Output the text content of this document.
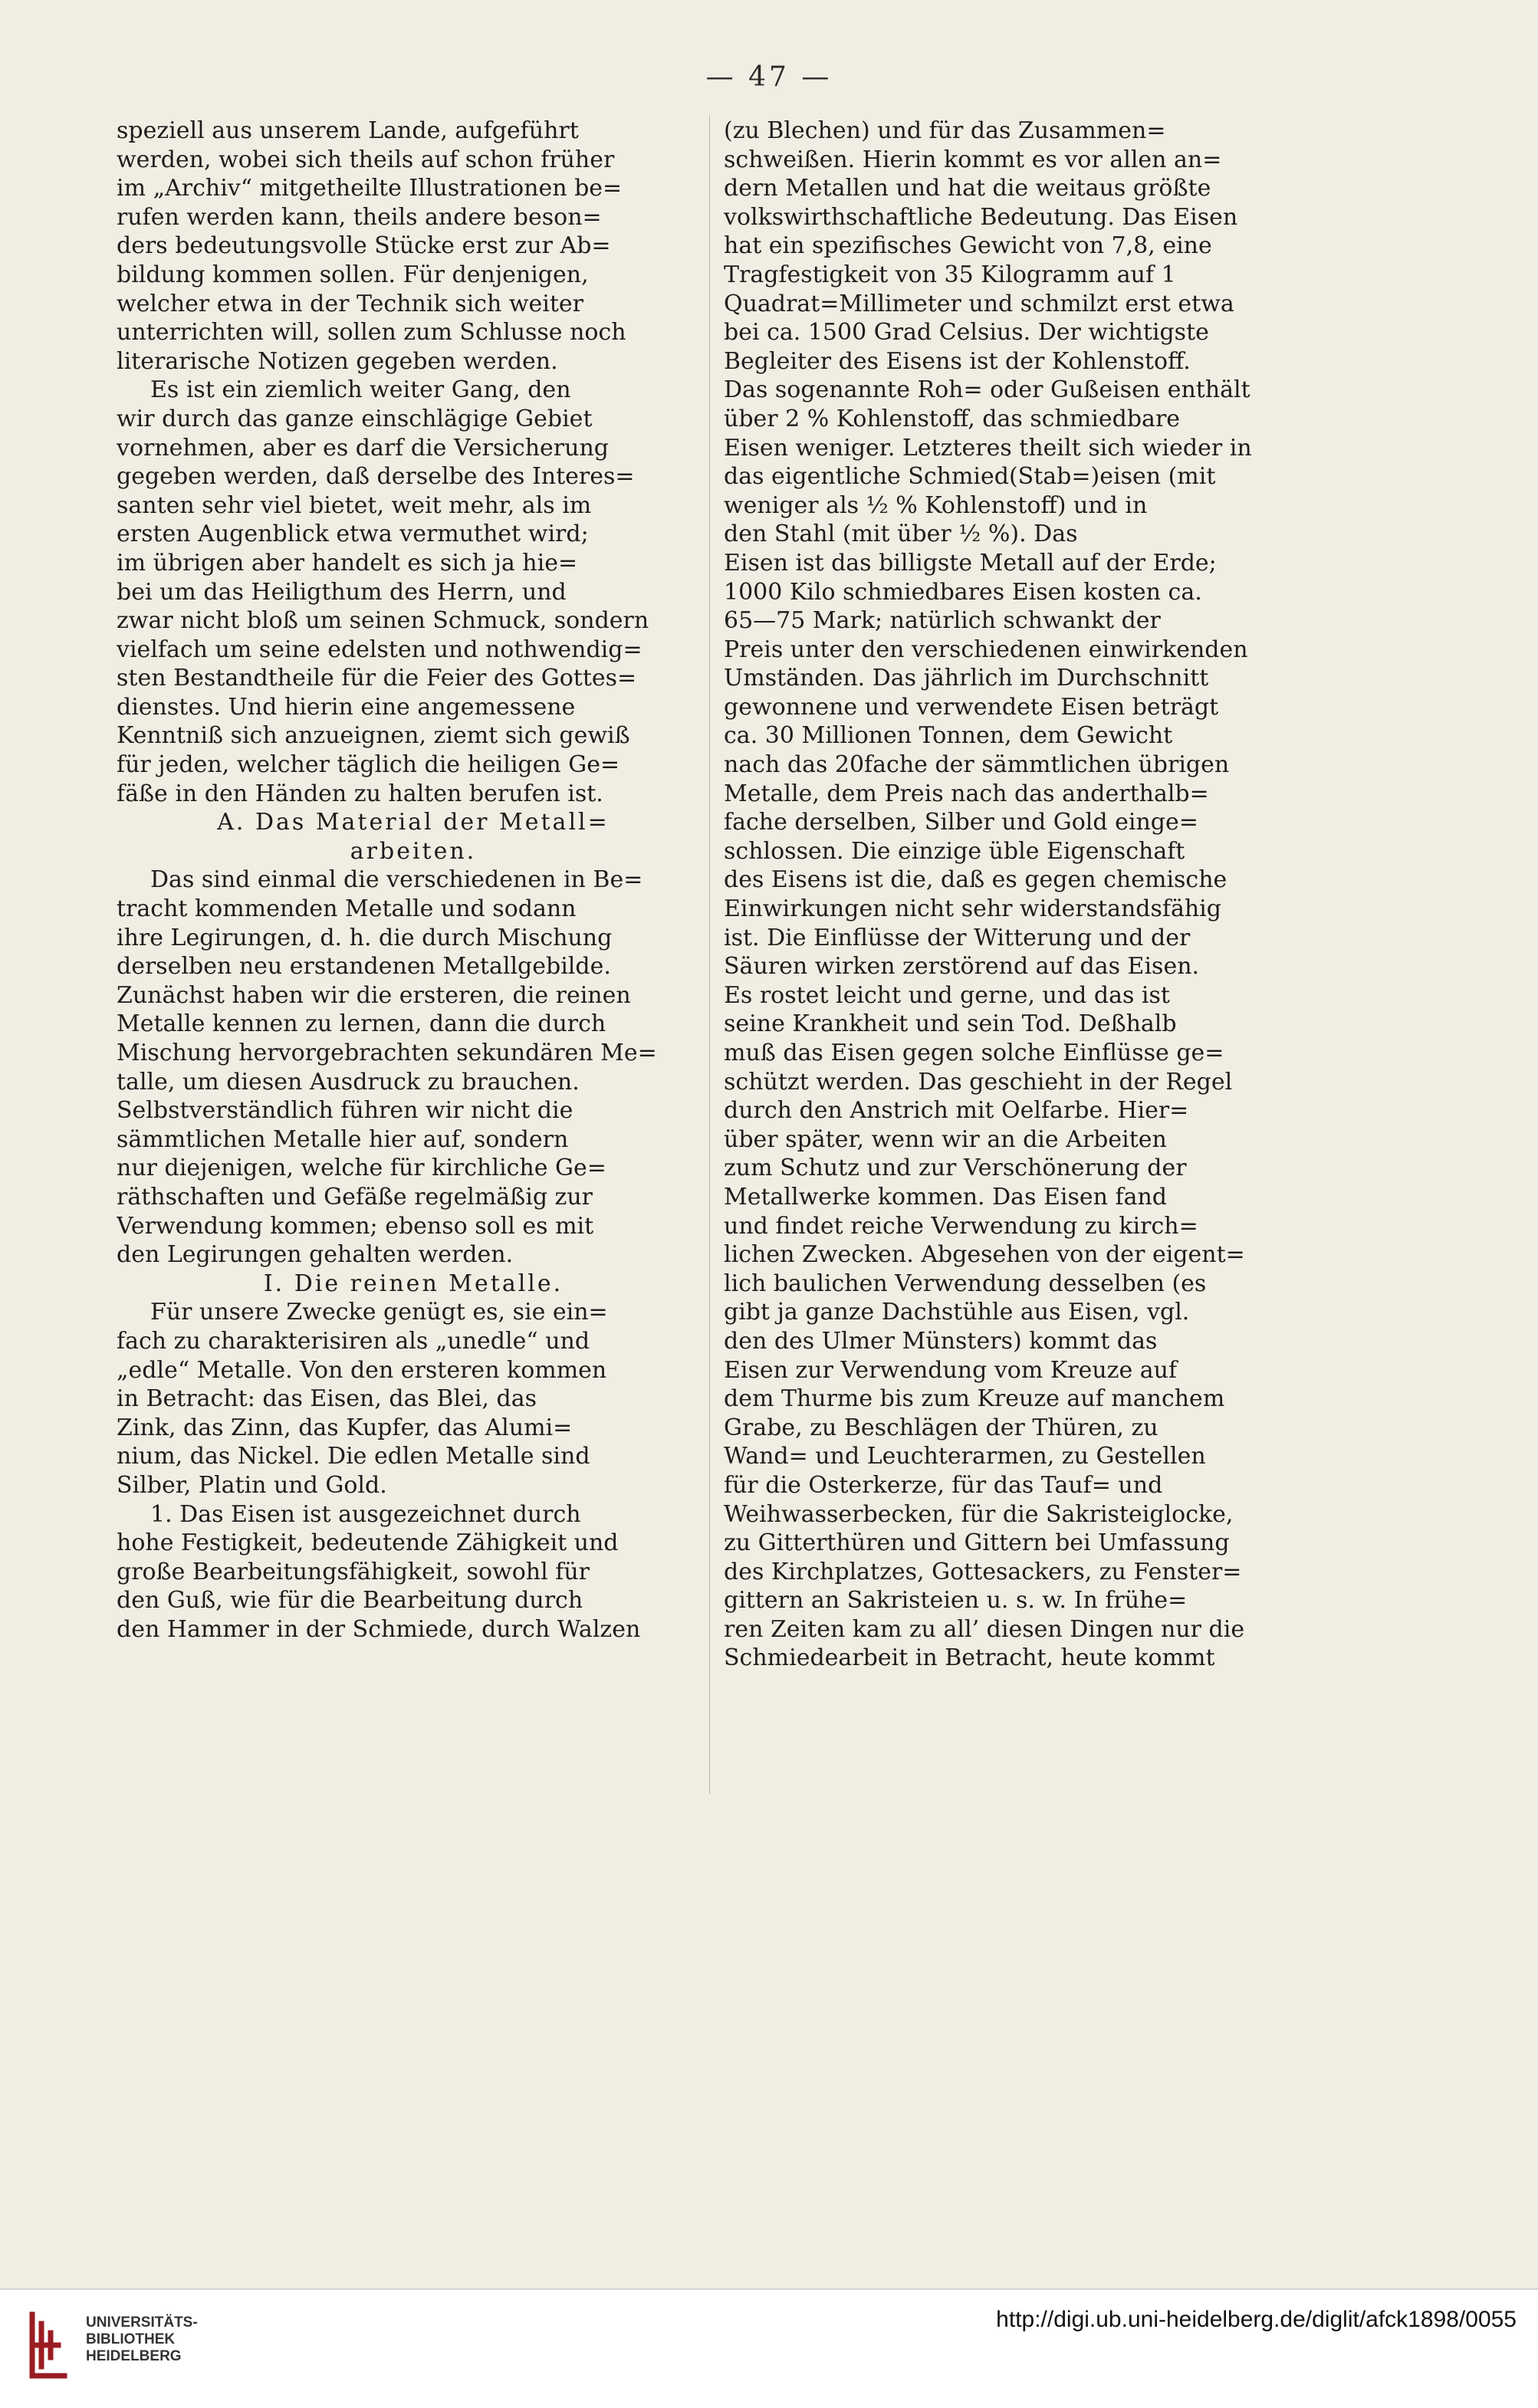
— 47 —
speziell aus unserem Lande, aufgeführt
werden, wobei sich theils auf schon früher
im „Archiv“ mitgetheilte Illustrationen be=
rufen werden kann, theils andere beson=
ders bedeutungsvolle Stücke erst zur Ab=
bildung kommen sollen. Für denjenigen,
welcher etwa in der Technik sich weiter
unterrichten will, sollen zum Schlusse noch
literarische Notizen gegeben werden.
Es ist ein ziemlich weiter Gang, den
wir durch das ganze einschlägige Gebiet
vornehmen, aber es darf die Versicherung
gegeben werden, daß derselbe des Interes=
santen sehr viel bietet, weit mehr, als im
ersten Augenblick etwa vermuthet wird;
im übrigen aber handelt es sich ja hie=
bei um das Heiligthum des Herrn, und
zwar nicht bloß um seinen Schmuck, sondern
vielfach um seine edelsten und nothwendig=
sten Bestandtheile für die Feier des Gottes=
dienstes. Und hierin eine angemessene
Kenntniß sich anzueignen, ziemt sich gewiß
für jeden, welcher täglich die heiligen Ge=
fäße in den Händen zu halten berufen ist.
A. Das Material der Metall=
arbeiten.
Das sind einmal die verschiedenen in Be=
tracht kommenden Metalle und sodann
ihre Legirungen, d. h. die durch Mischung
derselben neu erstandenen Metallgebilde.
Zunächst haben wir die ersteren, die reinen
Metalle kennen zu lernen, dann die durch
Mischung hervorgebrachten sekundären Me=
talle, um diesen Ausdruck zu brauchen.
Selbstverständlich führen wir nicht die
sämmtlichen Metalle hier auf, sondern
nur diejenigen, welche für kirchliche Ge=
räthschaften und Gefäße regelmäßig zur
Verwendung kommen; ebenso soll es mit
den Legirungen gehalten werden.
I. Die reinen Metalle.
Für unsere Zwecke genügt es, sie ein=
fach zu charakterisiren als „unedle“ und
„edle“ Metalle. Von den ersteren kommen
in Betracht: das Eisen, das Blei, das
Zink, das Zinn, das Kupfer, das Alumi=
nium, das Nickel. Die edlen Metalle sind
Silber, Platin und Gold.
1. Das Eisen ist ausgezeichnet durch
hohe Festigkeit, bedeutende Zähigkeit und
große Bearbeitungsfähigkeit, sowohl für
den Guß, wie für die Bearbeitung durch
den Hammer in der Schmiede, durch Walzen
(zu Blechen) und für das Zusammen=
schweißen. Hierin kommt es vor allen an=
dern Metallen und hat die weitaus größte
volkswirthschaftliche Bedeutung. Das Eisen
hat ein spezifisches Gewicht von 7,8, eine
Tragfestigkeit von 35 Kilogramm auf 1
Quadrat=Millimeter und schmilzt erst etwa
bei ca. 1500 Grad Celsius. Der wichtigste
Begleiter des Eisens ist der Kohlenstoff.
Das sogenannte Roh= oder Gußeisen enthält
über 2 % Kohlenstoff, das schmiedbare
Eisen weniger. Letzteres theilt sich wieder in
das eigentliche Schmied(Stab=)eisen (mit
weniger als ½ % Kohlenstoff) und in
den Stahl (mit über ½ %). Das
Eisen ist das billigste Metall auf der Erde;
1000 Kilo schmiedbares Eisen kosten ca.
65—75 Mark; natürlich schwankt der
Preis unter den verschiedenen einwirkenden
Umständen. Das jährlich im Durchschnitt
gewonnene und verwendete Eisen beträgt
ca. 30 Millionen Tonnen, dem Gewicht
nach das 20fache der sämmtlichen übrigen
Metalle, dem Preis nach das anderthalb=
fache derselben, Silber und Gold einge=
schlossen. Die einzige üble Eigenschaft
des Eisens ist die, daß es gegen chemische
Einwirkungen nicht sehr widerstandsfähig
ist. Die Einflüsse der Witterung und der
Säuren wirken zerstörend auf das Eisen.
Es rostet leicht und gerne, und das ist
seine Krankheit und sein Tod. Deßhalb
muß das Eisen gegen solche Einflüsse ge=
schützt werden. Das geschieht in der Regel
durch den Anstrich mit Oelfarbe. Hier=
über später, wenn wir an die Arbeiten
zum Schutz und zur Verschönerung der
Metallwerke kommen. Das Eisen fand
und findet reiche Verwendung zu kirch=
lichen Zwecken. Abgesehen von der eigent=
lich baulichen Verwendung desselben (es
gibt ja ganze Dachstühle aus Eisen, vgl.
den des Ulmer Münsters) kommt das
Eisen zur Verwendung vom Kreuze auf
dem Thurme bis zum Kreuze auf manchem
Grabe, zu Beschlägen der Thüren, zu
Wand= und Leuchterarmen, zu Gestellen
für die Osterkerze, für das Tauf= und
Weihwasserbecken, für die Sakristeiglocke,
zu Gitterthüren und Gittern bei Umfassung
des Kirchplatzes, Gottesackers, zu Fenster=
gittern an Sakristeien u. s. w. In frühe=
ren Zeiten kam zu all’ diesen Dingen nur die
Schmiedearbeit in Betracht, heute kommt
UNIVERSITÄTS-
BIBLIOTHEK
HEIDELBERG
http://digi.ub.uni-heidelberg.de/diglit/afck1898/0055
